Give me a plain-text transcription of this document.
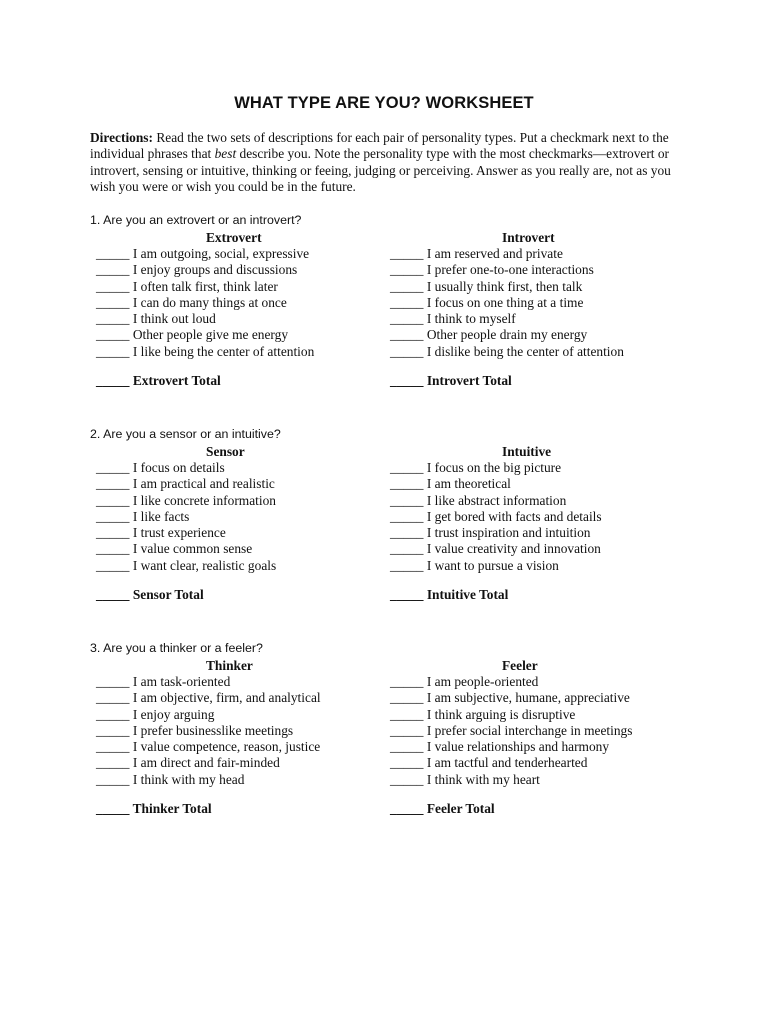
WHAT TYPE ARE YOU? WORKSHEET
Directions: Read the two sets of descriptions for each pair of personality types. Put a checkmark next to the individual phrases that best describe you. Note the personality type with the most checkmarks—extrovert or introvert, sensing or intuitive, thinking or feeing, judging or perceiving. Answer as you really are, not as you wish you were or wish you could be in the future.
1. Are you an extrovert or an introvert?
Extrovert
_____ I am outgoing, social, expressive
_____ I enjoy groups and discussions
_____ I often talk first, think later
_____ I can do many things at once
_____ I think out loud
_____ Other people give me energy
_____ I like being the center of attention
_____ Extrovert Total
Introvert
_____ I am reserved and private
_____ I prefer one-to-one interactions
_____ I usually think first, then talk
_____ I focus on one thing at a time
_____ I think to myself
_____ Other people drain my energy
_____ I dislike being the center of attention
_____ Introvert Total
2. Are you a sensor or an intuitive?
Sensor
_____ I focus on details
_____ I am practical and realistic
_____ I like concrete information
_____ I like facts
_____ I trust experience
_____ I value common sense
_____ I want clear, realistic goals
_____ Sensor Total
Intuitive
_____ I focus on the big picture
_____ I am theoretical
_____ I like abstract information
_____ I get bored with facts and details
_____ I trust inspiration and intuition
_____ I value creativity and innovation
_____ I want to pursue a vision
_____ Intuitive Total
3. Are you a thinker or a feeler?
Thinker
_____ I am task-oriented
_____ I am objective, firm, and analytical
_____ I enjoy arguing
_____ I prefer businesslike meetings
_____ I value competence, reason, justice
_____ I am direct and fair-minded
_____ I think with my head
_____ Thinker Total
Feeler
_____ I am people-oriented
_____ I am subjective, humane, appreciative
_____ I think arguing is disruptive
_____ I prefer social interchange in meetings
_____ I value relationships and harmony
_____ I am tactful and tenderhearted
_____ I think with my heart
_____ Feeler Total
